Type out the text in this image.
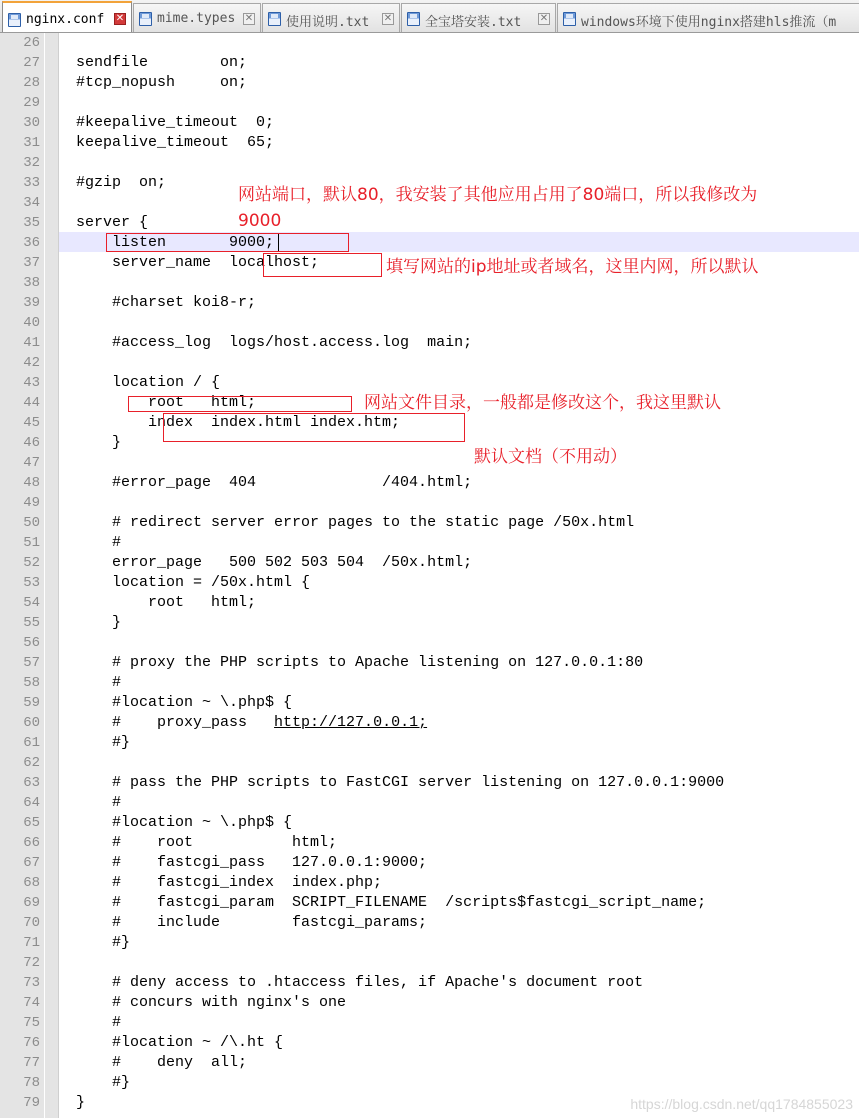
nginx.conf ✕	mime.types ✕	使用说明.txt ✕	全宝塔安装.txt ✕	windows环境下使用nginx搭建hls推流（m
26
27
28
29
30
31
32
33
34
35
36
37
38
39
40
41
42
43
44
45
46
47
48
49
50
51
52
53
54
55
56
57
58
59
60
61
62
63
64
65
66
67
68
69
70
71
72
73
74
75
76
77
78
79
sendfile        on;
#tcp_nopush     on;
#keepalive_timeout  0;
keepalive_timeout  65;
#gzip  on;
server {
listen       9000;
server_name  localhost;
#charset koi8-r;
#access_log  logs/host.access.log  main;
location / {
root   html;
index  index.html index.htm;
}
#error_page  404              /404.html;
# redirect server error pages to the static page /50x.html
#
error_page   500 502 503 504  /50x.html;
location = /50x.html {
root   html;
}
# proxy the PHP scripts to Apache listening on 127.0.0.1:80
#
#location ~ \.php$ {
#    proxy_pass   http://127.0.0.1;
#}
# pass the PHP scripts to FastCGI server listening on 127.0.0.1:9000
#
#location ~ \.php$ {
#    root           html;
#    fastcgi_pass   127.0.0.1:9000;
#    fastcgi_index  index.php;
#    fastcgi_param  SCRIPT_FILENAME  /scripts$fastcgi_script_name;
#    include        fastcgi_params;
#}
# deny access to .htaccess files, if Apache's document root
# concurs with nginx's one
#
#location ~ /\.ht {
#    deny  all;
#}
}
网站端口，默认80，我安装了其他应用占用了80端口，所以我修改为
9000
填写网站的ip地址或者域名，这里内网，所以默认
网站文件目录，一般都是修改这个，我这里默认
默认文档（不用动）
https://blog.csdn.net/qq1784855023
